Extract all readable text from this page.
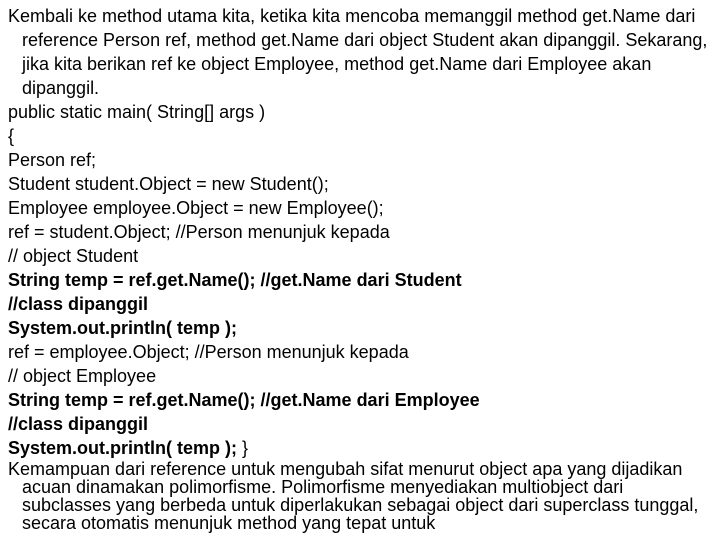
Kembali ke method utama kita, ketika kita mencoba memanggil method get.Name dari reference Person ref, method get.Name dari object Student akan dipanggil. Sekarang, jika kita berikan ref ke object Employee, method get.Name dari Employee akan dipanggil.

public static main( String[] args )

{

Person ref;

Student student.Object = new Student();

Employee employee.Object = new Employee();

ref = student.Object; //Person menunjuk kepada

// object Student

String temp = ref.get.Name(); //get.Name dari Student

//class dipanggil

System.out.println( temp );

ref = employee.Object; //Person menunjuk kepada

// object Employee

String temp = ref.get.Name(); //get.Name dari Employee

//class dipanggil

System.out.println( temp ); }

Kemampuan dari reference untuk mengubah sifat menurut object apa yang dijadikan acuan dinamakan polimorfisme. Polimorfisme menyediakan multiobject dari subclasses yang berbeda untuk diperlakukan sebagai object dari superclass tunggal, secara otomatis menunjuk method yang tepat untuk
